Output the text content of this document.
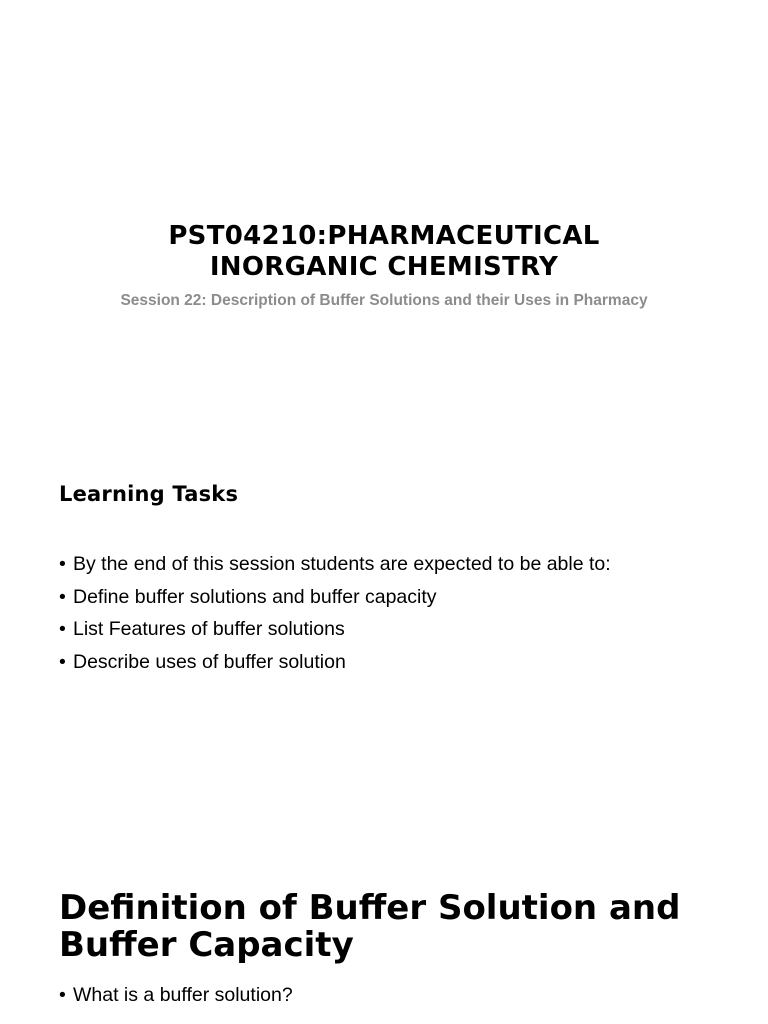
PST04210:PHARMACEUTICAL
INORGANIC CHEMISTRY

Session 22: Description of Buffer Solutions and their Uses in Pharmacy

Learning Tasks
• By the end of this session students are expected to be able to:
• Define buffer solutions and buffer capacity
• List Features of buffer solutions
• Describe uses of buffer solution
Definition of Buffer Solution and Buffer Capacity
• What is a buffer solution?
